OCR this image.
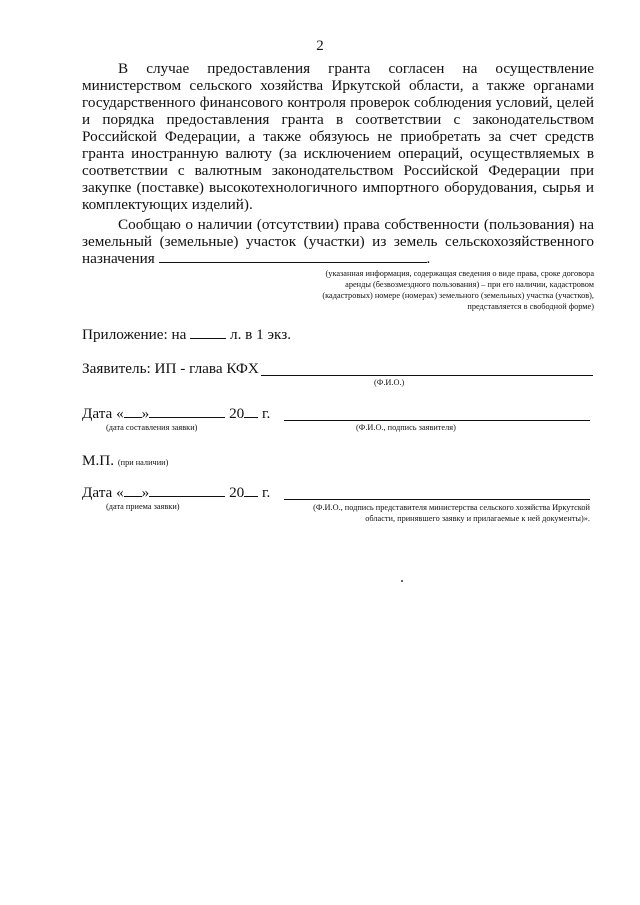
2
В случае предоставления гранта согласен на осуществление министерством сельского хозяйства Иркутской области, а также органами государственного финансового контроля проверок соблюдения условий, целей и порядка предоставления гранта в соответствии с законодательством Российской Федерации, а также обязуюсь не приобретать за счет средств гранта иностранную валюту (за исключением операций, осуществляемых в соответствии с валютным законодательством Российской Федерации при закупке (поставке) высокотехнологичного импортного оборудования, сырья и комплектующих изделий).
Сообщаю о наличии (отсутствии) права собственности (пользования) на земельный (земельные) участок (участки) из земель сельскохозяйственного назначения	.
(указанная информация, содержащая сведения о виде права, сроке договора аренды (безвозмездного пользования) – при его наличии, кадастровом (кадастровых) номере (номерах) земельного (земельных) участка (участков), представляется в свободной форме)
Приложение: на	л. в 1 экз.
Заявитель: ИП - глава КФХ
(Ф.И.О.)
Дата « »	20 г.
(дата составления заявки)	(Ф.И.О., подпись заявителя)
М.П. (при наличии)
Дата « »	20 г.
(дата приема заявки)	(Ф.И.О., подпись представителя министерства сельского хозяйства Иркутской области, принявшего заявку и прилагаемые к ней документы)».
